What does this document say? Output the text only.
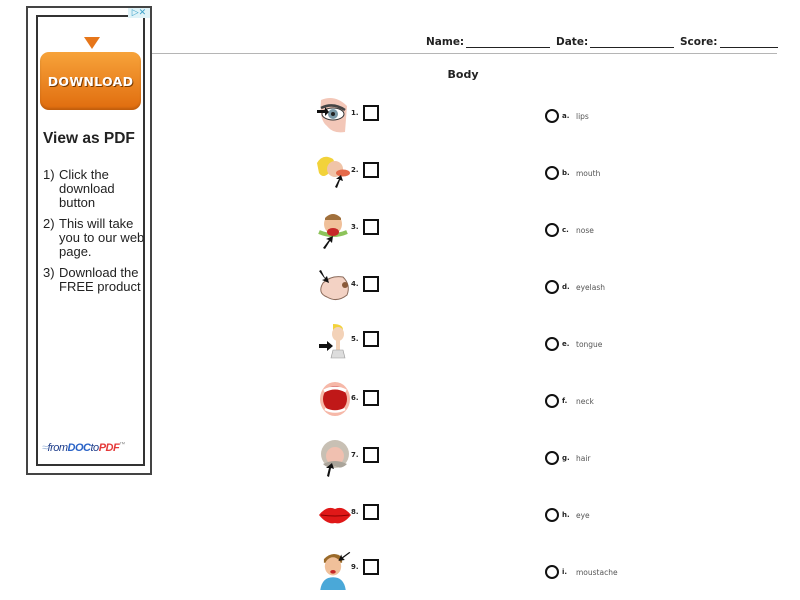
▷✕
DOWNLOAD
View as PDF
1) Click the download button
2) This will take you to our web page.
3) Download the FREE product
≈fromDOCtoPDF™
Name:	Date:	Score:
Body
1.
2.
3.
4.
5.
6.
7.
8.
9.
a. lips
b. mouth
c. nose
d. eyelash
e. tongue
f.	neck
g. hair
h. eye
i.	moustache
